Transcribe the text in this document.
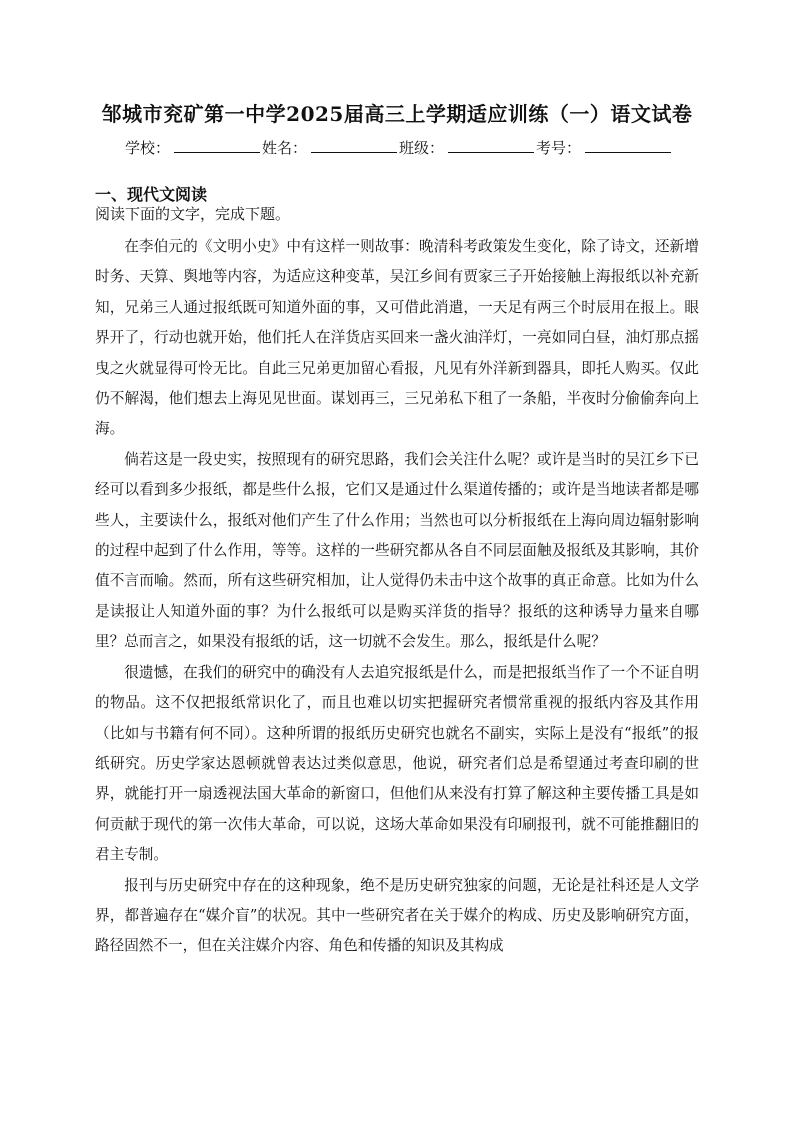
邹城市兖矿第一中学2025届高三上学期适应训练（一）语文试卷
学校：	姓名：	班级：	考号：
一、现代文阅读

阅读下面的文字，完成下题。

在李伯元的《文明小史》中有这样一则故事：晚清科考政策发生变化，除了诗文，还新增时务、天算、舆地等内容，为适应这种变革，吴江乡间有贾家三子开始接触上海报纸以补充新知，兄弟三人通过报纸既可知道外面的事，又可借此消遣，一天足有两三个时辰用在报上。眼界开了，行动也就开始，他们托人在洋货店买回来一盏火油洋灯，一亮如同白昼，油灯那点摇曳之火就显得可怜无比。自此三兄弟更加留心看报，凡见有外洋新到器具，即托人购买。仅此仍不解渴，他们想去上海见见世面。谋划再三，三兄弟私下租了一条船，半夜时分偷偷奔向上海。

倘若这是一段史实，按照现有的研究思路，我们会关注什么呢？或许是当时的吴江乡下已经可以看到多少报纸，都是些什么报，它们又是通过什么渠道传播的；或许是当地读者都是哪些人，主要读什么，报纸对他们产生了什么作用；当然也可以分析报纸在上海向周边辐射影响的过程中起到了什么作用，等等。这样的一些研究都从各自不同层面触及报纸及其影响，其价值不言而喻。然而，所有这些研究相加，让人觉得仍未击中这个故事的真正命意。比如为什么是读报让人知道外面的事？为什么报纸可以是购买洋货的指导？报纸的这种诱导力量来自哪里？总而言之，如果没有报纸的话，这一切就不会发生。那么，报纸是什么呢？

很遗憾，在我们的研究中的确没有人去追究报纸是什么，而是把报纸当作了一个不证自明的物品。这不仅把报纸常识化了，而且也难以切实把握研究者惯常重视的报纸内容及其作用（比如与书籍有何不同）。这种所谓的报纸历史研究也就名不副实，实际上是没有“报纸”的报纸研究。历史学家达恩顿就曾表达过类似意思，他说，研究者们总是希望通过考查印刷的世界，就能打开一扇透视法国大革命的新窗口，但他们从来没有打算了解这种主要传播工具是如何贡献于现代的第一次伟大革命，可以说，这场大革命如果没有印刷报刊，就不可能推翻旧的君主专制。

报刊与历史研究中存在的这种现象，绝不是历史研究独家的问题，无论是社科还是人文学界，都普遍存在“媒介盲”的状况。其中一些研究者在关于媒介的构成、历史及影响研究方面，路径固然不一，但在关注媒介内容、角色和传播的知识及其构成
